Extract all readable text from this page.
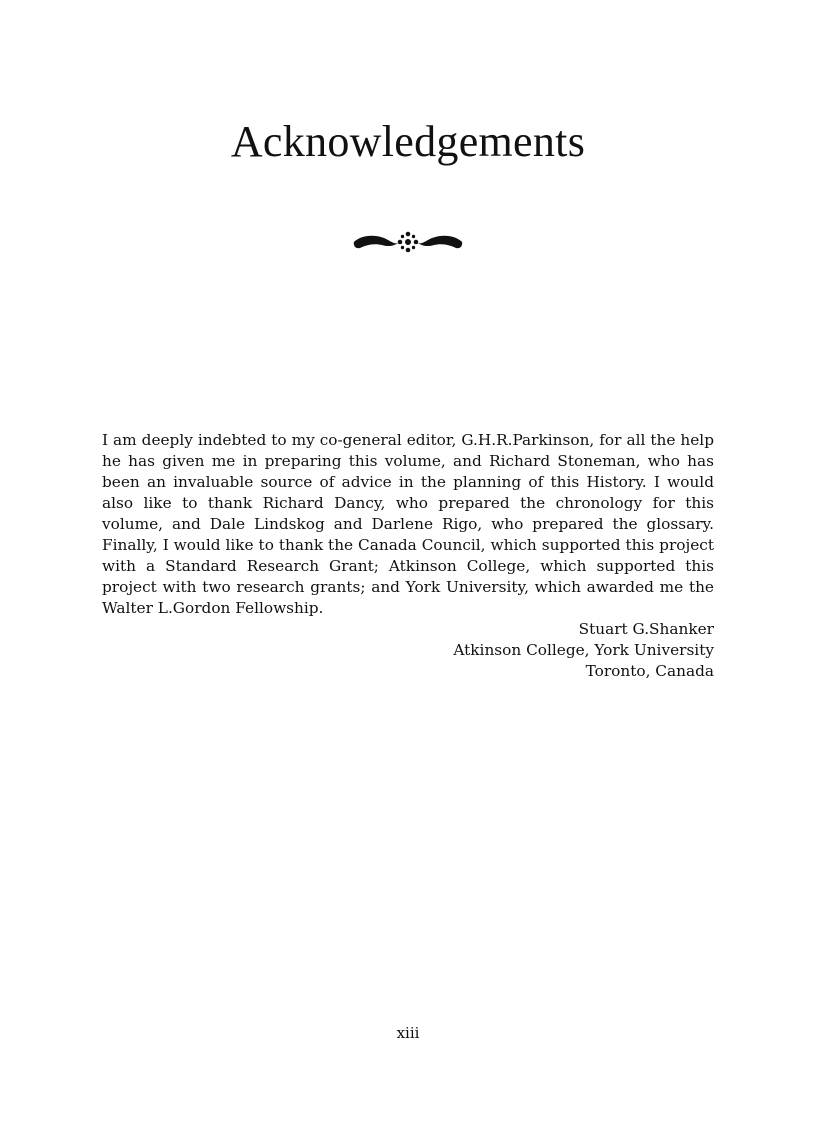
Acknowledgements

I am deeply indebted to my co-general editor, G.H.R.Parkinson, for all the help he has given me in preparing this volume, and Richard Stoneman, who has been an invaluable source of advice in the planning of this History. I would also like to thank Richard Dancy, who prepared the chronology for this volume, and Dale Lindskog and Darlene Rigo, who prepared the glossary. Finally, I would like to thank the Canada Council, which supported this project with a Standard Research Grant; Atkinson College, which supported this project with two research grants; and York University, which awarded me the Walter L.Gordon Fellowship.

Stuart G.Shanker
Atkinson College, York University
Toronto, Canada
xiii
